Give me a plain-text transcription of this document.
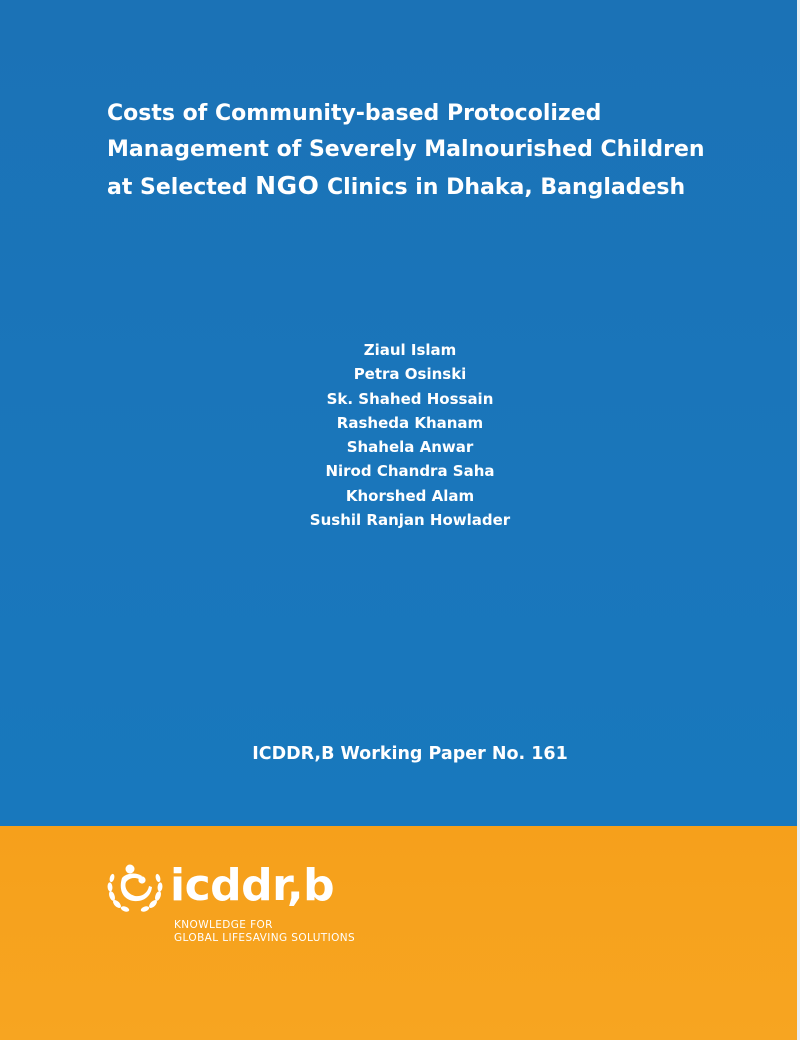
Costs of Community-based Protocolized
Management of Severely Malnourished Children
at Selected NGO Clinics in Dhaka, Bangladesh
Ziaul Islam
Petra Osinski
Sk. Shahed Hossain
Rasheda Khanam
Shahela Anwar
Nirod Chandra Saha
Khorshed Alam
Sushil Ranjan Howlader
ICDDR,B Working Paper No. 161
icddr,b
KNOWLEDGE FOR
GLOBAL LIFESAVING SOLUTIONS
